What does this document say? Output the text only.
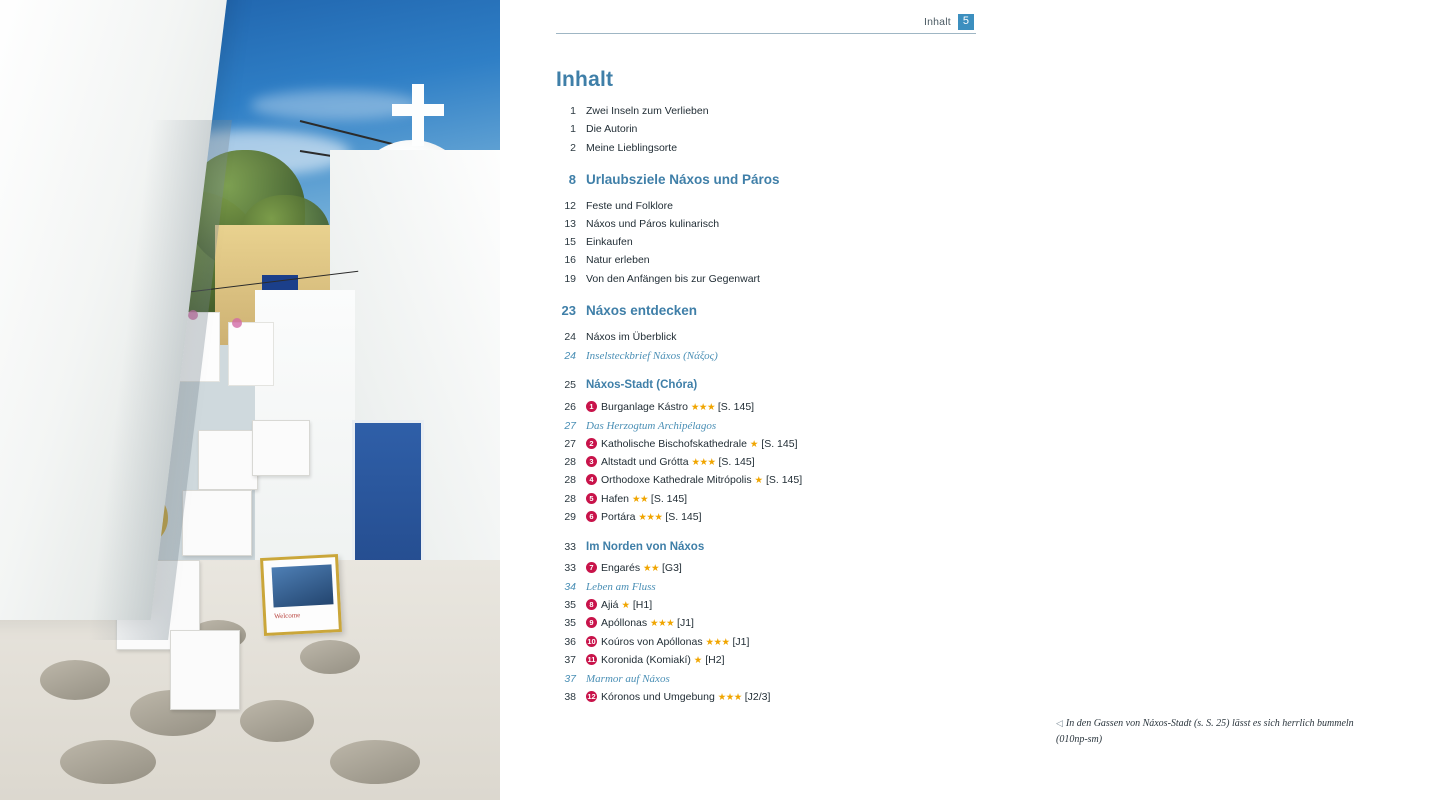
Welcome
Inhalt	5
Inhalt
1 Zwei Inseln zum Verlieben
1 Die Autorin
2 Meine Lieblingsorte
8 Urlaubsziele Náxos und Páros
12 Feste und Folklore
13 Náxos und Páros kulinarisch
15 Einkaufen
16 Natur erleben
19 Von den Anfängen bis zur Gegenwart
23 Náxos entdecken
24 Náxos im Überblick
24 Inselsteckbrief Náxos (Νάξος)
25 Náxos-Stadt (Chóra)
26	1 Burganlage Kástro ★★★ [S. 145]
27 Das Herzogtum Archipélagos
27	2 Katholische Bischofskathedrale ★ [S. 145]
28	3 Altstadt und Grótta ★★★ [S. 145]
28	4 Orthodoxe Kathedrale Mitrópolis ★ [S. 145]
28	5 Hafen ★★ [S. 145]
29	6 Portára ★★★ [S. 145]
33 Im Norden von Náxos
33	7 Engarés ★★ [G3]
34 Leben am Fluss
35	8 Ajiá ★ [H1]
35	9 Apóllonas ★★★ [J1]
36	10 Koúros von Apóllonas ★★★ [J1]
37	11 Koronida (Komiakí) ★ [H2]
37 Marmor auf Náxos
38	12 Kóronos und Umgebung ★★★ [J2/3]
◁ In den Gassen von Náxos-Stadt (s. S. 25) lässt es sich herrlich bummeln
(010np-sm)
